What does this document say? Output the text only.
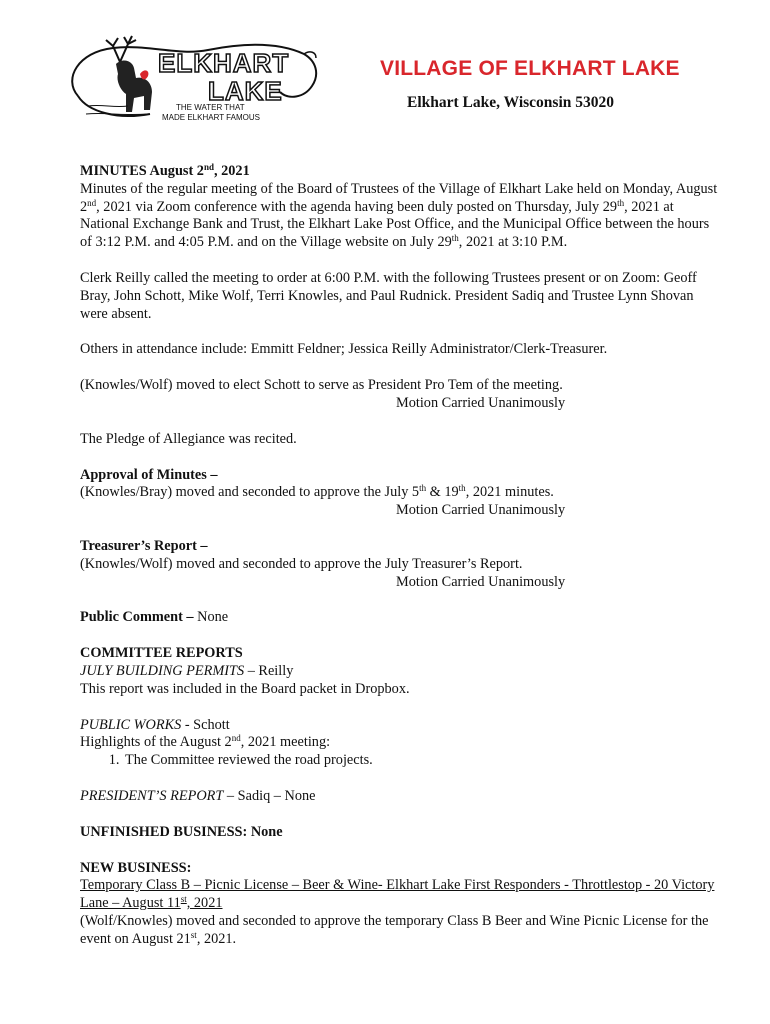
ELKHART
LAKE
THE WATER THAT
MADE ELKHART FAMOUS
VILLAGE OF ELKHART LAKE
Elkhart Lake, Wisconsin 53020
MINUTES August 2nd, 2021

Minutes of the regular meeting of the Board of Trustees of the Village of Elkhart Lake held on Monday, August 2nd, 2021 via Zoom conference with the agenda having been duly posted on Thursday, July 29th, 2021 at National Exchange Bank and Trust, the Elkhart Lake Post Office, and the Municipal Office between the hours of 3:12 P.M. and 4:05 P.M. and on the Village website on July 29th, 2021 at 3:10 P.M.

Clerk Reilly called the meeting to order at 6:00 P.M. with the following Trustees present or on Zoom: Geoff Bray, John Schott, Mike Wolf, Terri Knowles, and Paul Rudnick. President Sadiq and Trustee Lynn Shovan were absent.

Others in attendance include: Emmitt Feldner; Jessica Reilly Administrator/Clerk-Treasurer.

(Knowles/Wolf) moved to elect Schott to serve as President Pro Tem of the meeting.
Motion Carried Unanimously

The Pledge of Allegiance was recited.

Approval of Minutes –
(Knowles/Bray) moved and seconded to approve the July 5th & 19th, 2021 minutes.
Motion Carried Unanimously

Treasurer’s Report –
(Knowles/Wolf) moved and seconded to approve the July Treasurer’s Report.
Motion Carried Unanimously

Public Comment – None

COMMITTEE REPORTS
JULY BUILDING PERMITS – Reilly
This report was included in the Board packet in Dropbox.

PUBLIC WORKS - Schott
Highlights of the August 2nd, 2021 meeting:
1. The Committee reviewed the road projects.

PRESIDENT’S REPORT – Sadiq – None

UNFINISHED BUSINESS: None

NEW BUSINESS:
Temporary Class B – Picnic License – Beer & Wine- Elkhart Lake First Responders - Throttlestop - 20 Victory Lane – August 11st, 2021
(Wolf/Knowles) moved and seconded to approve the temporary Class B Beer and Wine Picnic License for the event on August 21st, 2021.
